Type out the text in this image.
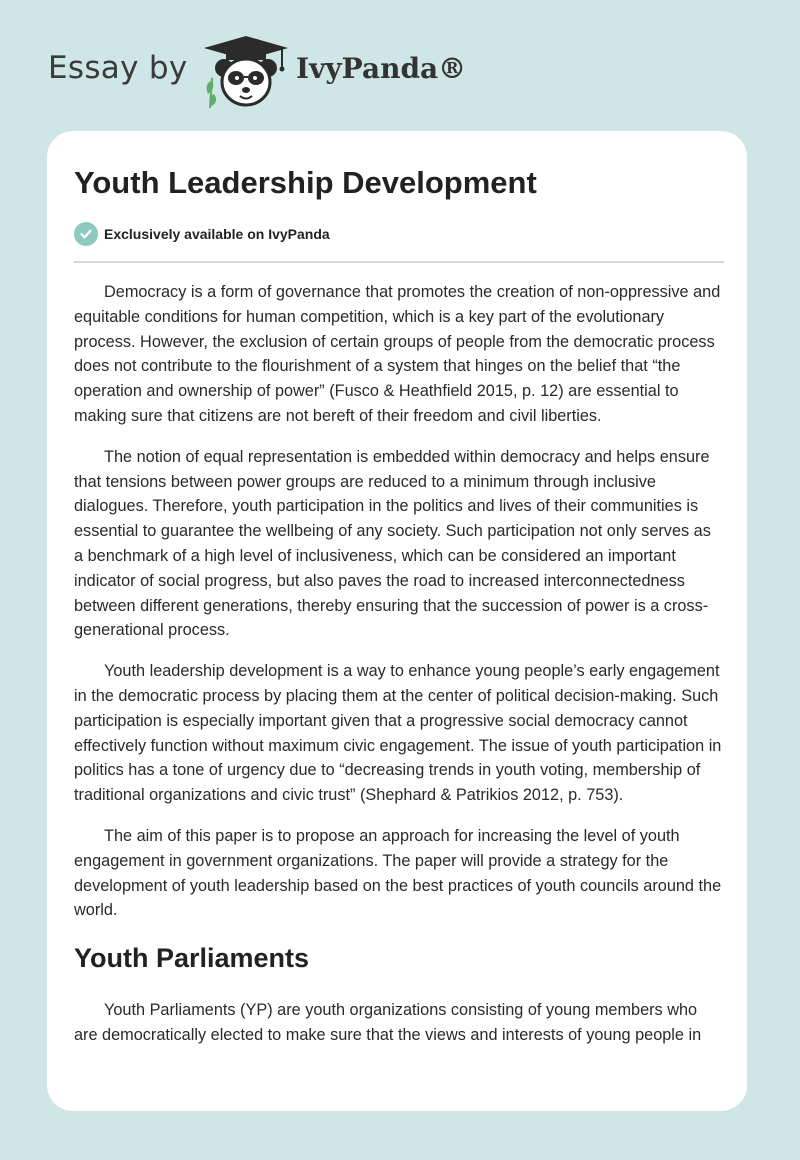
Essay by	IvyPanda®
Youth Leadership Development
Exclusively available on IvyPanda

Democracy is a form of governance that promotes the creation of non-oppressive and equitable conditions for human competition, which is a key part of the evolutionary process. However, the exclusion of certain groups of people from the democratic process does not contribute to the flourishment of a system that hinges on the belief that “the operation and ownership of power” (Fusco & Heathfield 2015, p. 12) are essential to making sure that citizens are not bereft of their freedom and civil liberties.

The notion of equal representation is embedded within democracy and helps ensure that tensions between power groups are reduced to a minimum through inclusive dialogues. Therefore, youth participation in the politics and lives of their communities is essential to guarantee the wellbeing of any society. Such participation not only serves as a benchmark of a high level of inclusiveness, which can be considered an important indicator of social progress, but also paves the road to increased interconnectedness between different generations, thereby ensuring that the succession of power is a cross-generational process.

Youth leadership development is a way to enhance young people’s early engagement in the democratic process by placing them at the center of political decision-making. Such participation is especially important given that a progressive social democracy cannot effectively function without maximum civic engagement. The issue of youth participation in politics has a tone of urgency due to “decreasing trends in youth voting, membership of traditional organizations and civic trust” (Shephard & Patrikios 2012, p. 753).

The aim of this paper is to propose an approach for increasing the level of youth engagement in government organizations. The paper will provide a strategy for the development of youth leadership based on the best practices of youth councils around the world.

Youth Parliaments

Youth Parliaments (YP) are youth organizations consisting of young members who are democratically elected to make sure that the views and interests of young people in
